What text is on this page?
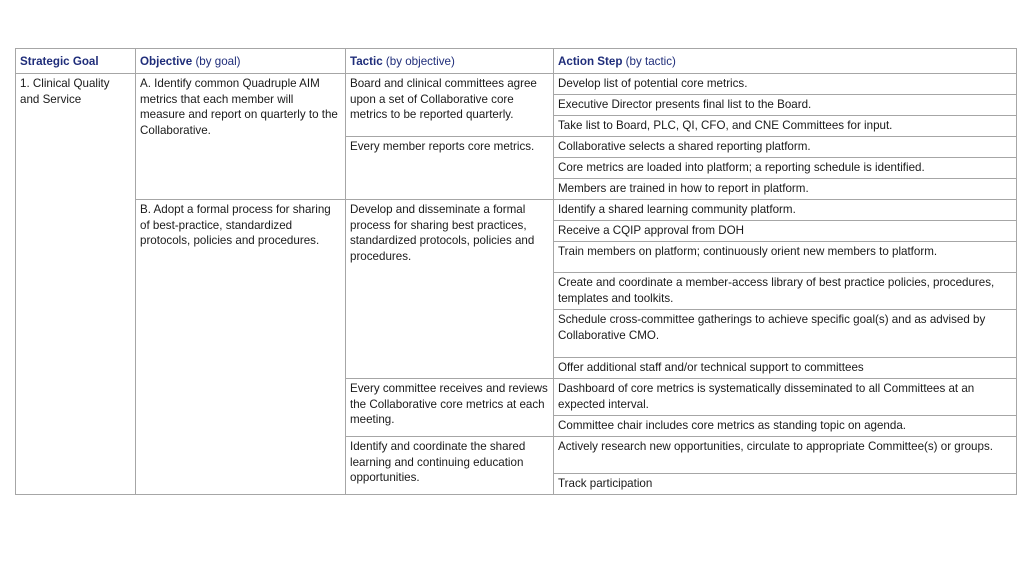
Strategic Goal	Objective (by goal)	Tactic (by objective)	Action Step (by tactic)
1. Clinical Quality and Service	A. Identify common Quadruple AIM metrics that each member will measure and report on quarterly to the Collaborative.	Board and clinical committees agree upon a set of Collaborative core metrics to be reported quarterly.	Develop list of potential core metrics.
			Executive Director presents final list to the Board.
			Take list to Board, PLC, QI, CFO, and CNE Committees for input.
		Every member reports core metrics.	Collaborative selects a shared reporting platform.
			Core metrics are loaded into platform; a reporting schedule is identified.
			Members are trained in how to report in platform.
	B. Adopt a formal process for sharing of best-practice, standardized protocols, policies and procedures.	Develop and disseminate a formal process for sharing best practices, standardized protocols, policies and procedures.	Identify a shared learning community platform.
			Receive a CQIP approval from DOH
			Train members on platform; continuously orient new members to platform.
			Create and coordinate a member-access library of best practice policies, procedures, templates and toolkits.
			Schedule cross-committee gatherings to achieve specific goal(s) and as advised by Collaborative CMO.
			Offer additional staff and/or technical support to committees
		Every committee receives and reviews the Collaborative core metrics at each meeting.	Dashboard of core metrics is systematically disseminated to all Committees at an expected interval.
			Committee chair includes core metrics as standing topic on agenda.
		Identify and coordinate the shared learning and continuing education opportunities.	Actively research new opportunities, circulate to appropriate Committee(s) or groups.
			Track participation
